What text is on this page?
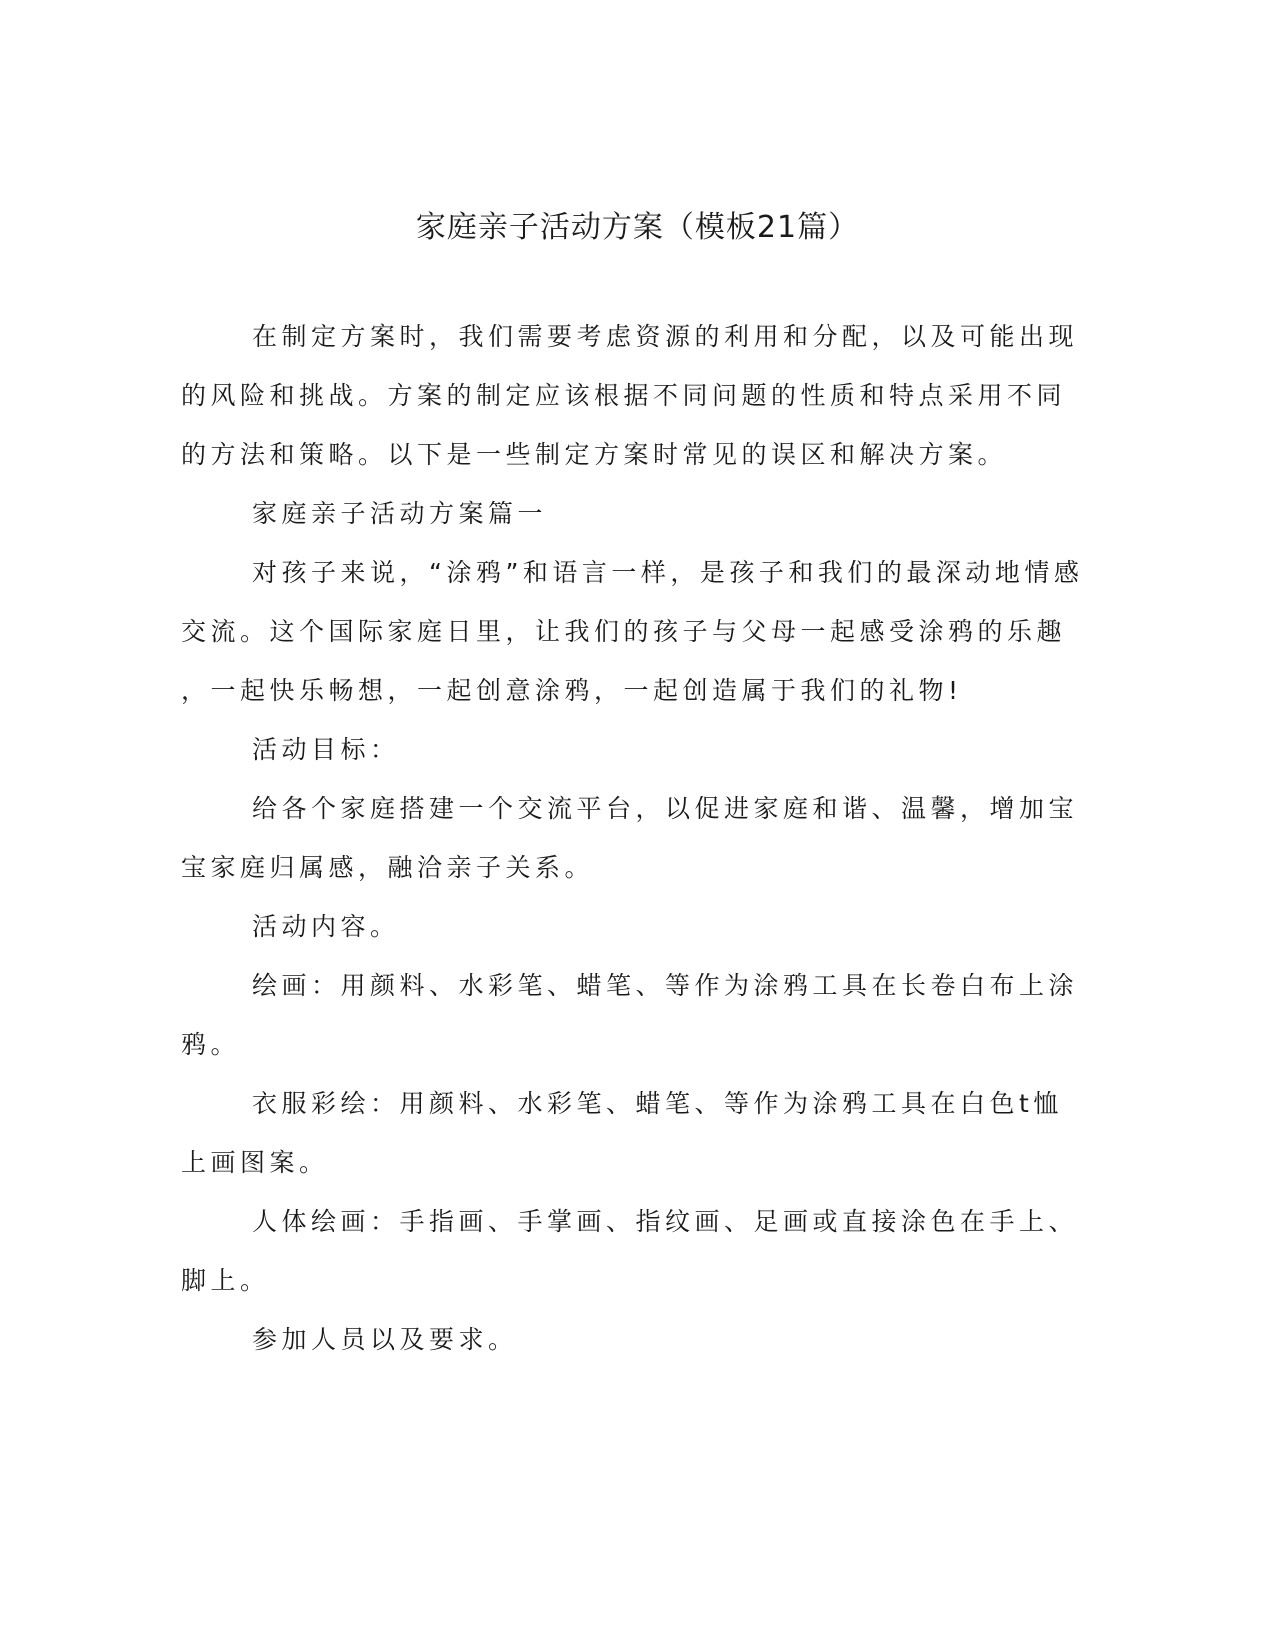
家庭亲子活动方案（模板21篇）
在制定方案时，我们需要考虑资源的利用和分配，以及可能出现
的风险和挑战。方案的制定应该根据不同问题的性质和特点采用不同
的方法和策略。以下是一些制定方案时常见的误区和解决方案。
家庭亲子活动方案篇一
对孩子来说，“涂鸦”和语言一样，是孩子和我们的最深动地情感
交流。这个国际家庭日里，让我们的孩子与父母一起感受涂鸦的乐趣
，一起快乐畅想，一起创意涂鸦，一起创造属于我们的礼物!
活动目标：
给各个家庭搭建一个交流平台，以促进家庭和谐、温馨，增加宝
宝家庭归属感，融洽亲子关系。
活动内容。
绘画：用颜料、水彩笔、蜡笔、等作为涂鸦工具在长卷白布上涂
鸦。
衣服彩绘：用颜料、水彩笔、蜡笔、等作为涂鸦工具在白色t恤
上画图案。
人体绘画：手指画、手掌画、指纹画、足画或直接涂色在手上、
脚上。
参加人员以及要求。
